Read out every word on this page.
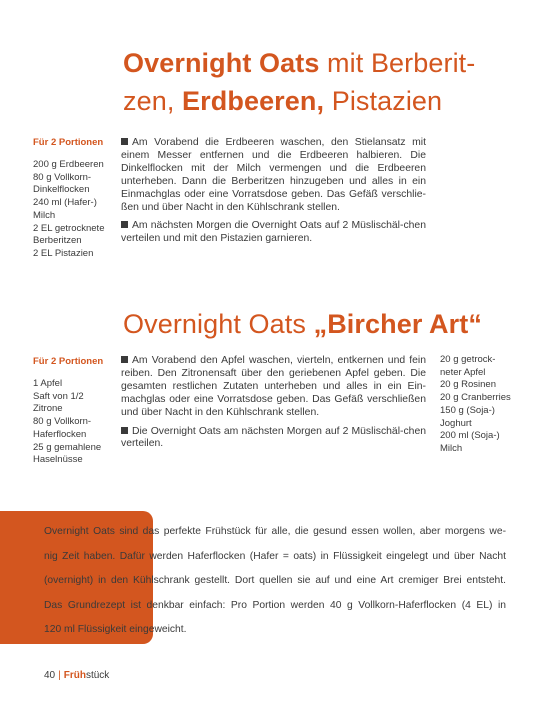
Overnight Oats mit Berberit-
zen, Erdbeeren, Pistazien
Für 2 Portionen
200 g Erdbeeren
80 g Vollkorn-
Dinkelflocken
240 ml (Hafer-)
Milch
2 EL getrocknete
Berberitzen
2 EL Pistazien

Am Vorabend die Erdbeeren waschen, den Stielansatz mit einem Messer entfernen und die Erdbeeren halbieren. Die Dinkelflocken mit der Milch vermengen und die Erdbeeren unterheben. Dann die Berberitzen hinzugeben und alles in ein Einmachglas oder eine Vorratsdose geben. Das Gefäß verschlie-ßen und über Nacht in den Kühlschrank stellen.

Am nächsten Morgen die Overnight Oats auf 2 Müslischäl-chen verteilen und mit den Pistazien garnieren.

Overnight Oats „Bircher Art“
Für 2 Portionen
1 Apfel
Saft von 1/2
Zitrone
80 g Vollkorn-
Haferflocken
25 g gemahlene
Haselnüsse
20 g getrock-
neter Apfel
20 g Rosinen
20 g Cranberries
150 g (Soja-)
Joghurt
200 ml (Soja-)
Milch

Am Vorabend den Apfel waschen, vierteln, entkernen und fein reiben. Den Zitronensaft über den geriebenen Apfel geben. Die gesamten restlichen Zutaten unterheben und alles in ein Ein-machglas oder eine Vorratsdose geben. Das Gefäß verschließen und über Nacht in den Kühlschrank stellen.

Die Overnight Oats am nächsten Morgen auf 2 Müslischäl-chen verteilen.

Overnight Oats sind das perfekte Frühstück für alle, die gesund essen wollen, aber morgens we-
nig Zeit haben. Dafür werden Haferflocken (Hafer = oats) in Flüssigkeit eingelegt und über Nacht
(overnight) in den Kühlschrank gestellt. Dort quellen sie auf und eine Art cremiger Brei entsteht.
Das Grundrezept ist denkbar einfach: Pro Portion werden 40 g Vollkorn-Haferflocken (4 EL) in
120 ml Flüssigkeit eingeweicht.
40 | Frühstück
